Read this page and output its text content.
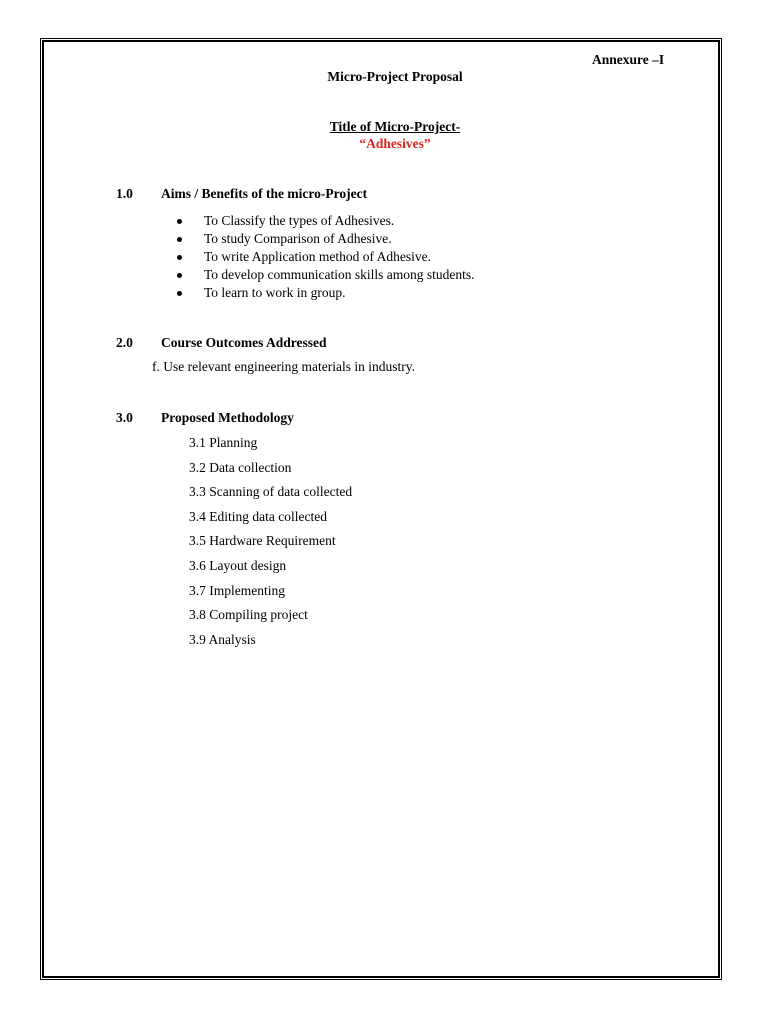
Annexure –I
Micro-Project Proposal
Title of Micro-Project-
“Adhesives”
1.0 Aims / Benefits of the micro-Project
To Classify the types of Adhesives.
To study Comparison of Adhesive.
To write Application method of Adhesive.
To develop communication skills among students.
To learn to work in group.
2.0 Course Outcomes Addressed
f. Use relevant engineering materials in industry.
3.0 Proposed Methodology
3.1 Planning
3.2 Data collection
3.3 Scanning of data collected
3.4 Editing data collected
3.5 Hardware Requirement
3.6 Layout design
3.7 Implementing
3.8 Compiling project
3.9 Analysis
